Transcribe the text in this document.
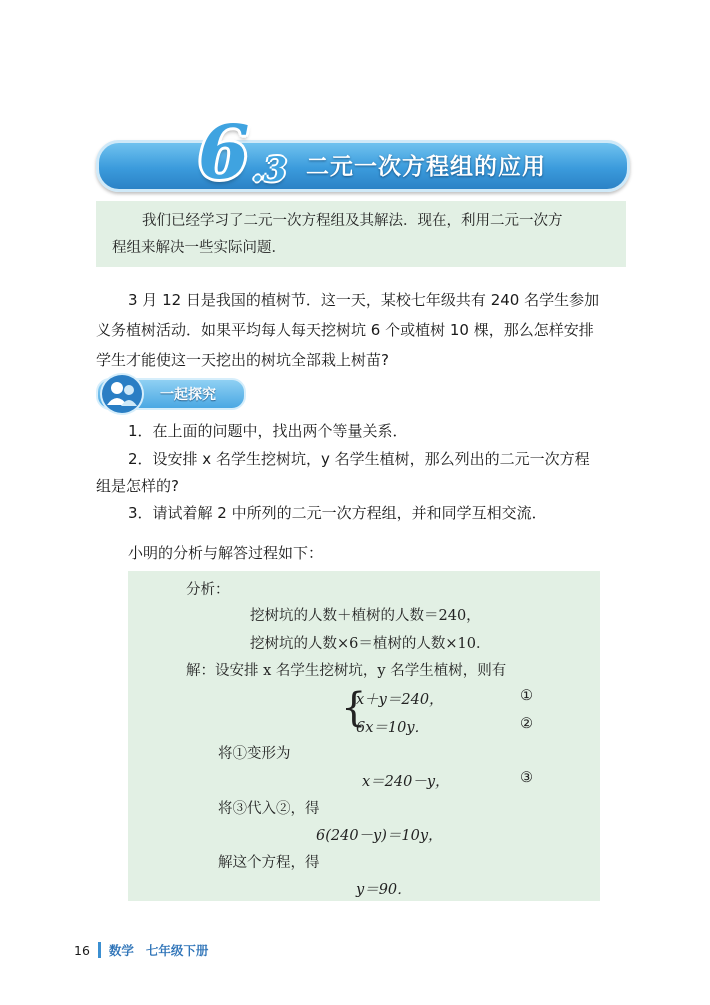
6 .3 二元一次方程组的应用

我们已经学习了二元一次方程组及其解法．现在，利用二元一次方

程组来解决一些实际问题．

3 月 12 日是我国的植树节．这一天，某校七年级共有 240 名学生参加
义务植树活动．如果平均每人每天挖树坑 6 个或植树 10 棵，那么怎样安排
学生才能使这一天挖出的树坑全部栽上树苗?
一起探究
1．在上面的问题中，找出两个等量关系．
2．设安排 x 名学生挖树坑，y 名学生植树，那么列出的二元一次方程
组是怎样的?
3．请试着解 2 中所列的二元一次方程组，并和同学互相交流．
小明的分析与解答过程如下：
分析：
挖树坑的人数＋植树的人数＝240，
挖树坑的人数×6＝植树的人数×10．
解：设安排 x 名学生挖树坑，y 名学生植树，则有
{
x＋y＝240，	①
6x＝10y．	②
将①变形为
x＝240－y，	③
将③代入②，得
6(240－y)＝10y，
解这个方程，得
y＝90．
16 数学 七年级下册
